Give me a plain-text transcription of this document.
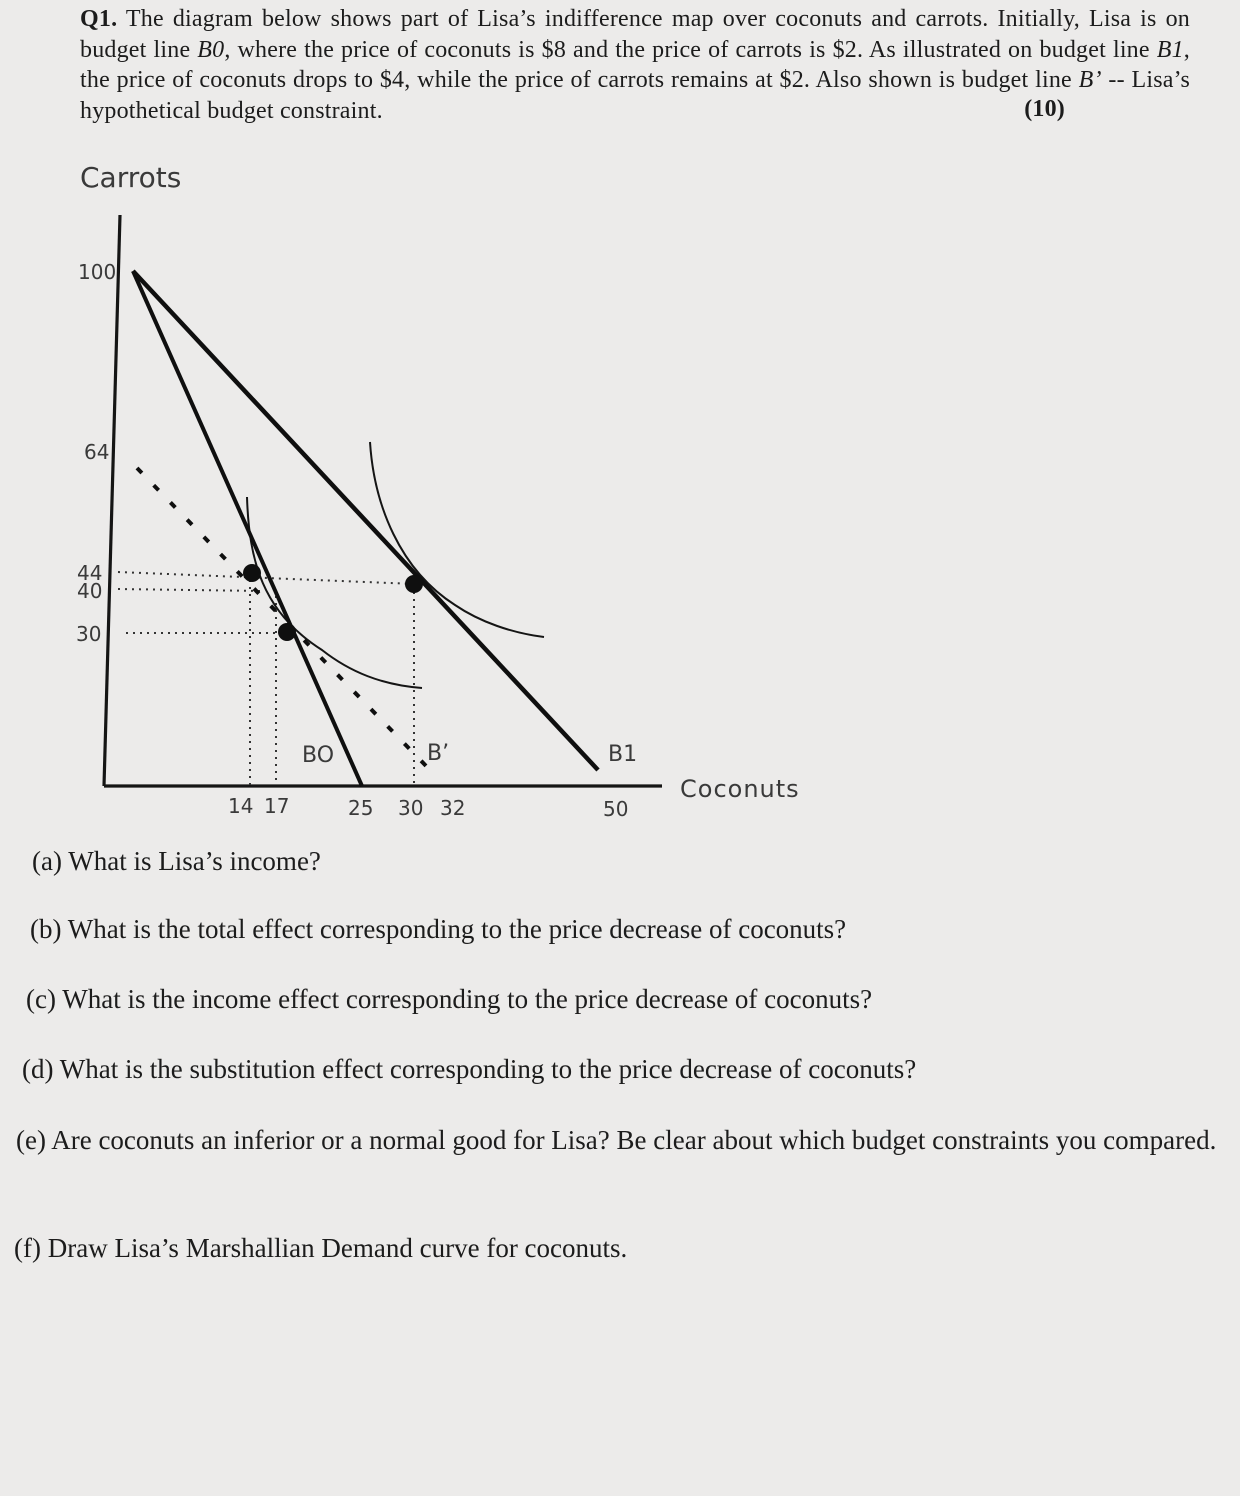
Q1. The diagram below shows part of Lisa’s indifference map over coconuts and carrots. Initially, Lisa is on budget line B0, where the price of coconuts is $8 and the price of carrots is $2. As illustrated on budget line B1, the price of coconuts drops to $4, while the price of carrots remains at $2. Also shown is budget line B’ -- Lisa’s hypothetical budget constraint.	(10)
Carrots
Coconuts
100
64
44
40
30
14 17	25 30 32	50
BO	B’	B1
(a) What is Lisa’s income?
(b) What is the total effect corresponding to the price decrease of coconuts?
(c) What is the income effect corresponding to the price decrease of coconuts?
(d) What is the substitution effect corresponding to the price decrease of coconuts?
(e) Are coconuts an inferior or a normal good for Lisa? Be clear about which budget constraints you compared.
(f) Draw Lisa’s Marshallian Demand curve for coconuts.
